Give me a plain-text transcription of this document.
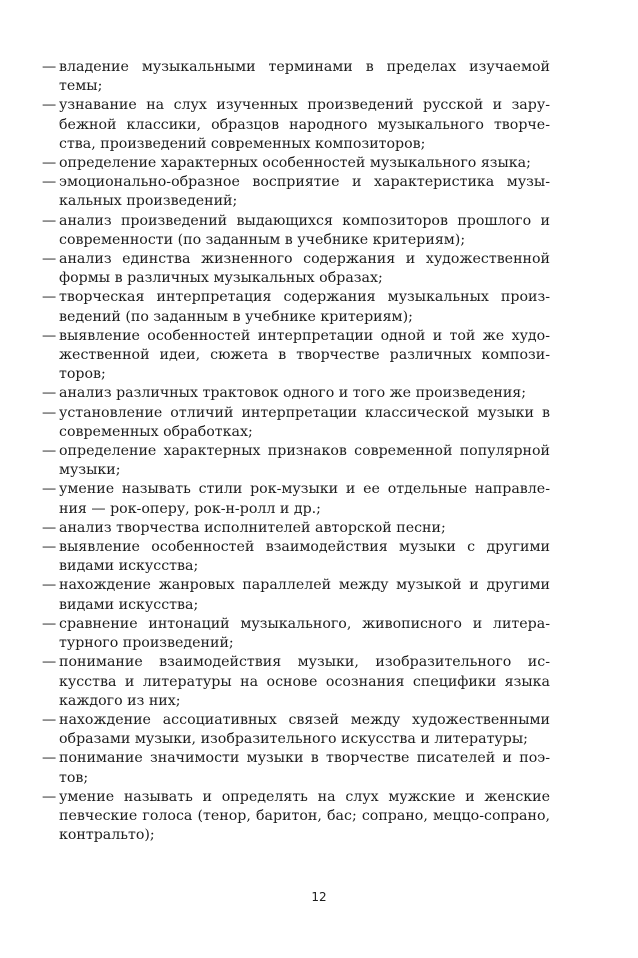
— владение музыкальными терминами в пределах изучаемой темы;
— узнавание на слух изученных произведений русской и зарубежной классики, образцов народного музыкального творчества, произведений современных композиторов;
— определение характерных особенностей музыкального языка;
— эмоционально-образное восприятие и характеристика музыкальных произведений;
— анализ произведений выдающихся композиторов прошлого и современности (по заданным в учебнике критериям);
— анализ единства жизненного содержания и художественной формы в различных музыкальных образах;
— творческая интерпретация содержания музыкальных произведений (по заданным в учебнике критериям);
— выявление особенностей интерпретации одной и той же художественной идеи, сюжета в творчестве различных композиторов;
— анализ различных трактовок одного и того же произведения;
— установление отличий интерпретации классической музыки в современных обработках;
— определение характерных признаков современной популярной музыки;
— умение называть стили рок-музыки и ее отдельные направления — рок-оперу, рок-н-ролл и др.;
— анализ творчества исполнителей авторской песни;
— выявление особенностей взаимодействия музыки с другими видами искусства;
— нахождение жанровых параллелей между музыкой и другими видами искусства;
— сравнение интонаций музыкального, живописного и литературного произведений;
— понимание взаимодействия музыки, изобразительного искусства и литературы на основе осознания специфики языка каждого из них;
— нахождение ассоциативных связей между художественными образами музыки, изобразительного искусства и литературы;
— понимание значимости музыки в творчестве писателей и поэтов;
— умение называть и определять на слух мужские и женские певческие голоса (тенор, баритон, бас; сопрано, меццо-сопрано, контральто);
12
